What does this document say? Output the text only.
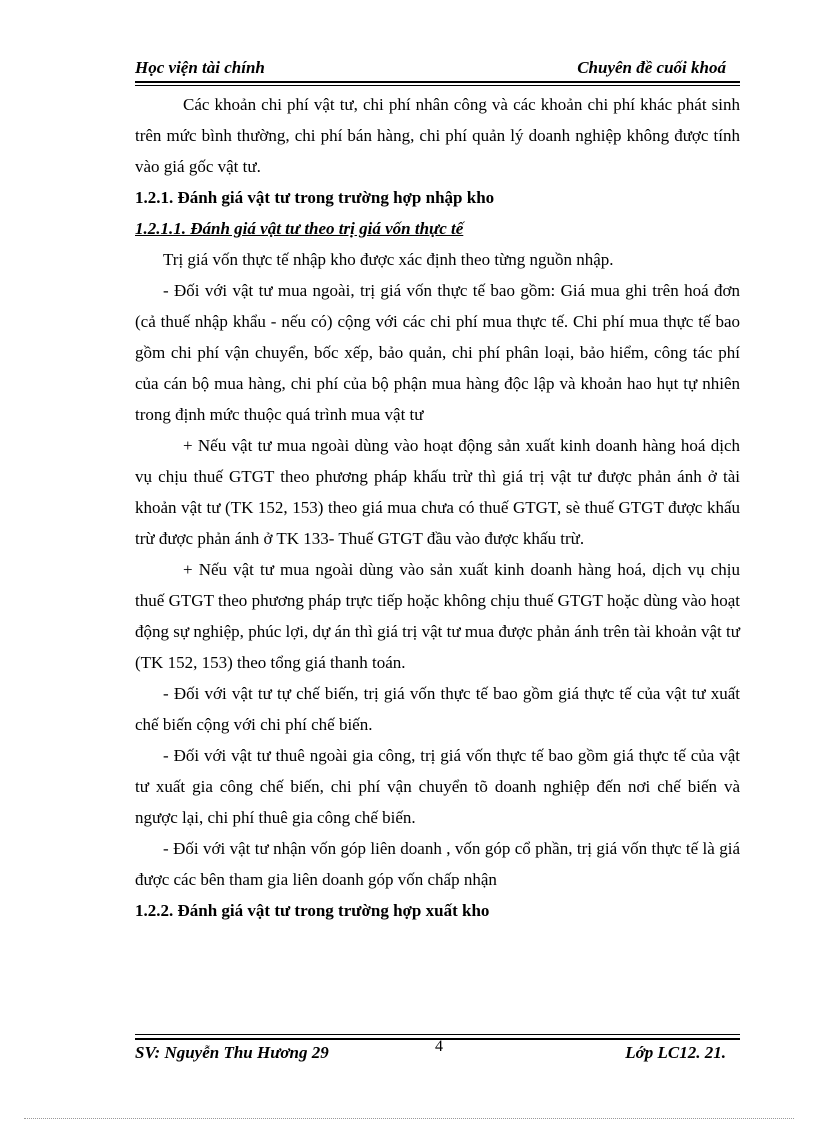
Học viện tài chính	Chuyên đề cuối khoá

Các khoản chi phí vật tư, chi phí nhân công và các khoản chi phí khác phát sinh trên mức bình thường, chi phí bán hàng, chi phí quản lý doanh nghiệp không được tính vào giá gốc vật tư.

1.2.1. Đánh giá vật tư trong trường hợp nhập kho

1.2.1.1. Đánh giá vật tư theo trị giá vốn thực tế

Trị giá vốn thực tế nhập kho được xác định theo từng nguồn nhập.

- Đối với vật tư mua ngoài, trị giá vốn thực tế bao gồm: Giá mua ghi trên hoá đơn (cả thuế nhập khẩu - nếu có) cộng với các chi phí mua thực tế. Chi phí mua thực tế bao gồm chi phí vận chuyển, bốc xếp, bảo quản, chi phí phân loại, bảo hiểm, công tác phí của cán bộ mua hàng, chi phí của bộ phận mua hàng độc lập và khoản hao hụt tự nhiên trong định mức thuộc quá trình mua vật tư

+ Nếu vật tư mua ngoài dùng vào hoạt động sản xuất kinh doanh hàng hoá dịch vụ chịu thuế GTGT theo phương pháp khấu trừ thì giá trị vật tư được phản ánh ở tài khoản vật tư (TK 152, 153) theo giá mua chưa có thuế GTGT, sè thuế GTGT được khấu trừ được phản ánh ở TK 133- Thuế GTGT đầu vào được khấu trừ.

+ Nếu vật tư mua ngoài dùng vào sản xuất kinh doanh hàng hoá, dịch vụ chịu thuế GTGT theo phương pháp trực tiếp hoặc không chịu thuế GTGT hoặc dùng vào hoạt động sự nghiệp, phúc lợi, dự án thì giá trị vật tư mua được phản ánh trên tài khoản vật tư (TK 152, 153) theo tổng giá thanh toán.

- Đối với vật tư tự chế biến, trị giá vốn thực tế bao gồm giá thực tế của vật tư xuất chế biến cộng với chi phí chế biến.

- Đối với vật tư thuê ngoài gia công, trị giá vốn thực tế bao gồm giá thực tế của vật tư xuất gia công chế biến, chi phí vận chuyển tõ doanh nghiệp đến nơi chế biến và ngược lại, chi phí thuê gia công chế biến.

- Đối với vật tư nhận vốn góp liên doanh , vốn góp cổ phần, trị giá vốn thực tế là giá được các bên tham gia liên doanh góp vốn chấp nhận

1.2.2. Đánh giá vật tư trong trường hợp xuất kho

SV: Nguyễn Thu Hương 29	4	Lớp LC12. 21.
